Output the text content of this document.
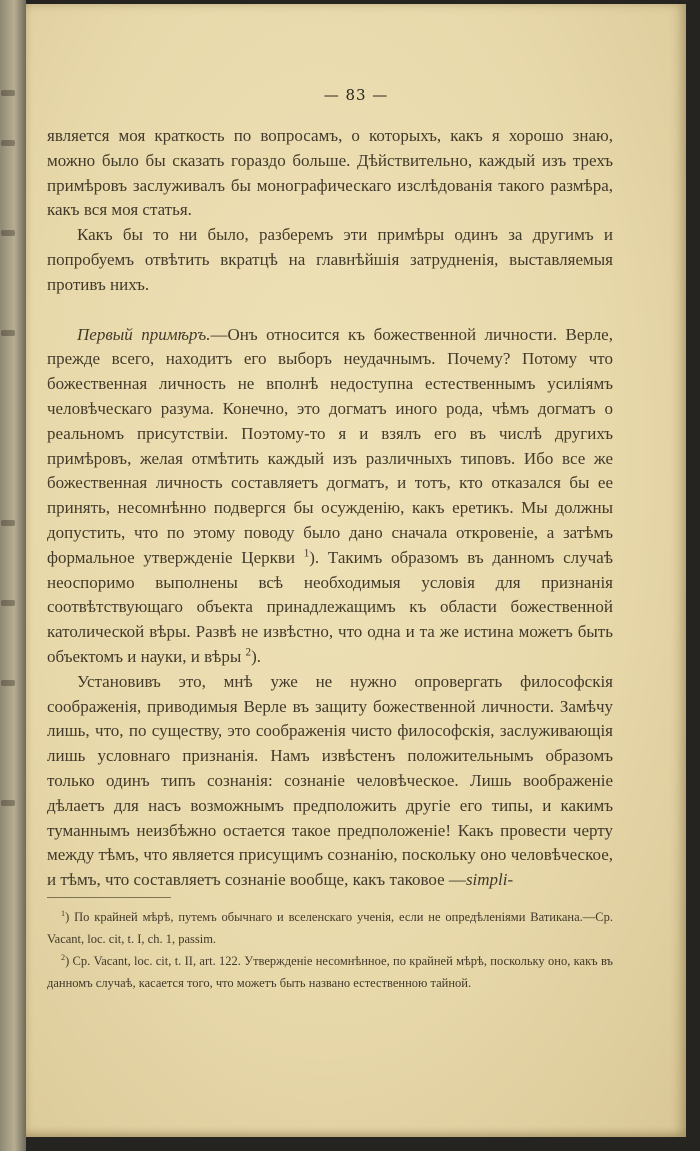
— 83 —

является моя краткость по вопросамъ, о которыхъ, какъ я хорошо знаю, можно было бы сказать гораздо больше. Дѣйствительно, каждый изъ трехъ примѣровъ заслуживалъ бы монографическаго изслѣдованія такого размѣра, какъ вся моя статья.

Какъ бы то ни было, разберемъ эти примѣры одинъ за другимъ и попробуемъ отвѣтить вкратцѣ на главнѣйшія затрудненія, выставляемыя противъ нихъ.

Первый примѣръ.—Онъ относится къ божественной личности. Верле, прежде всего, находитъ его выборъ неудачнымъ. Почему? Потому что божественная личность не вполнѣ недоступна естественнымъ усиліямъ человѣческаго разума. Конечно, это догматъ иного рода, чѣмъ догматъ о реальномъ присутствіи. Поэтому-то я и взялъ его въ числѣ другихъ примѣровъ, желая отмѣтить каждый изъ различныхъ типовъ. Ибо все же божественная личность составляетъ догматъ, и тотъ, кто отказался бы ее принять, несомнѣнно подвергся бы осужденію, какъ еретикъ. Мы должны допустить, что по этому поводу было дано сначала откровеніе, а затѣмъ формальное утвержденіе Церкви $^1$). Такимъ образомъ въ данномъ случаѣ неоспоримо выполнены всѣ необходимыя условія для признанія соотвѣтствующаго объекта принадлежащимъ къ области божественной католической вѣры. Развѣ не извѣстно, что одна и та же истина можетъ быть объектомъ и науки, и вѣры $^2$).

Установивъ это, мнѣ уже не нужно опровергать философскія соображенія, приводимыя Верле въ защиту божественной личности. Замѣчу лишь, что, по существу, это соображенія чисто философскія, заслуживающія лишь условнаго признанія. Намъ извѣстенъ положительнымъ образомъ только одинъ типъ сознанія: сознаніе человѣческое. Лишь воображеніе дѣлаетъ для насъ возможнымъ предположить другіе его типы, и какимъ туманнымъ неизбѣжно остается такое предположеніе! Какъ провести черту между тѣмъ, что является присущимъ сознанію, поскольку оно человѣческое, и тѣмъ, что составляетъ сознаніе вообще, какъ таковое —simpli-

$^1$) По крайней мѣрѣ, путемъ обычнаго и вселенскаго ученія, если не опредѣленіями Ватикана.—Ср. Vacant, loc. cit, t. I, ch. 1, passim.

$^2$) Ср. Vacant, loc. cit, t. II, art. 122. Утвержденіе несомнѣнное, по крайней мѣрѣ, поскольку оно, какъ въ данномъ случаѣ, касается того, что можетъ быть названо естественною тайной.
